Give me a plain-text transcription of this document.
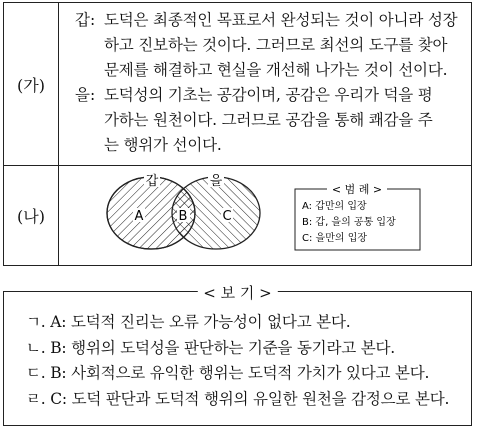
(가)
갑: 도덕은 최종적인 목표로서 완성되는 것이 아니라 성장
하고 진보하는 것이다. 그러므로 최선의 도구를 찾아
문제를 해결하고 현실을 개선해 나가는 것이 선이다.
을: 도덕성의 기초는 공감이며, 공감은 우리가 덕을 평
가하는 원천이다. 그러므로 공감을 통해 쾌감을 주
는 행위가 선이다.
(나)
갑	을
A	B	C
< 범 례 >
A: 갑만의 입장
B: 갑, 을의 공통 입장
C: 을만의 입장
< 보 기 >
ㄱ. A: 도덕적 진리는 오류 가능성이 없다고 본다.
ㄴ. B: 행위의 도덕성을 판단하는 기준을 동기라고 본다.
ㄷ. B: 사회적으로 유익한 행위는 도덕적 가치가 있다고 본다.
ㄹ. C: 도덕 판단과 도덕적 행위의 유일한 원천을 감정으로 본다.
